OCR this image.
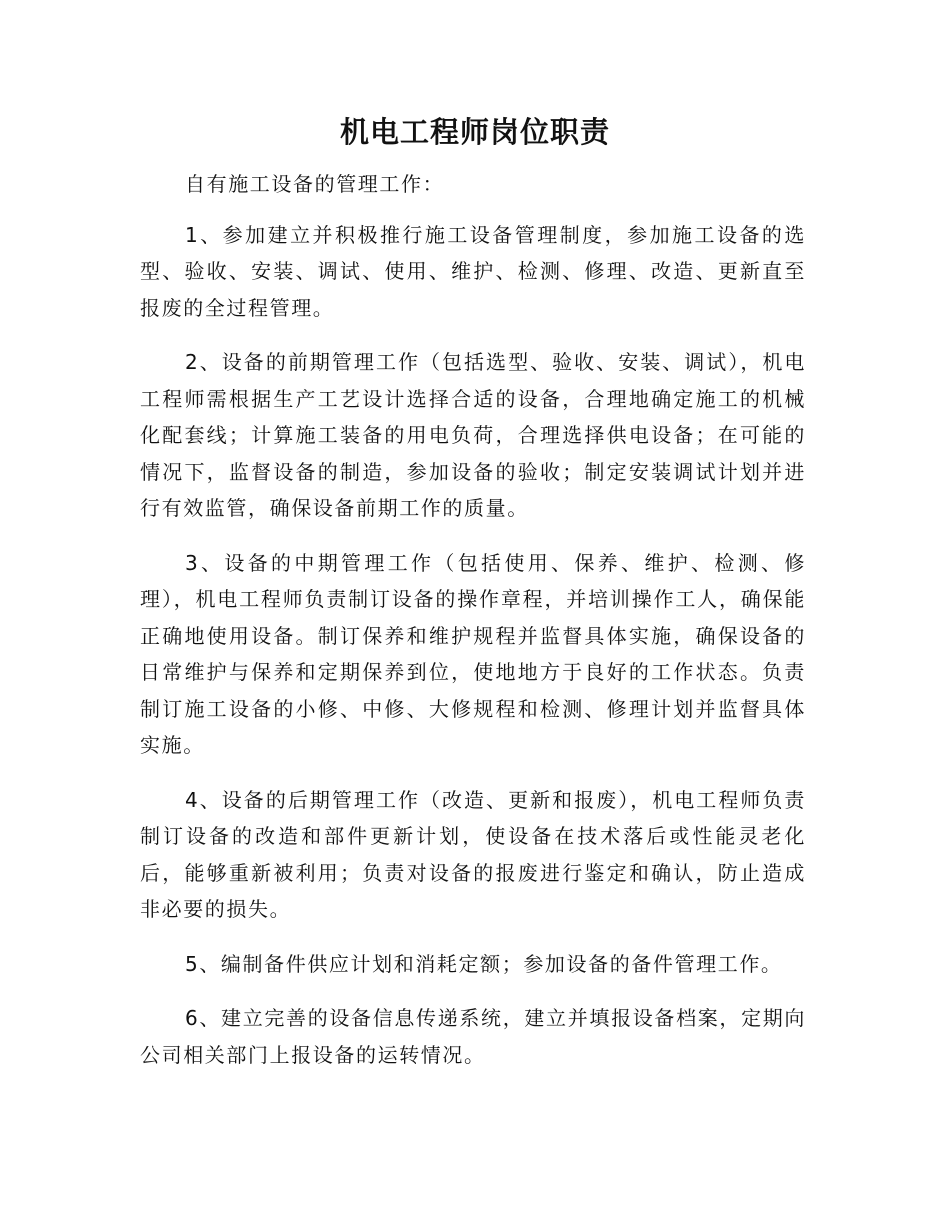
机电工程师岗位职责

自有施工设备的管理工作：

1、参加建立并积极推行施工设备管理制度，参加施工设备的选型、验收、安装、调试、使用、维护、检测、修理、改造、更新直至报废的全过程管理。

2、设备的前期管理工作（包括选型、验收、安装、调试），机电工程师需根据生产工艺设计选择合适的设备，合理地确定施工的机械化配套线；计算施工装备的用电负荷，合理选择供电设备；在可能的情况下，监督设备的制造，参加设备的验收；制定安装调试计划并进行有效监管，确保设备前期工作的质量。

3、设备的中期管理工作（包括使用、保养、维护、检测、修理），机电工程师负责制订设备的操作章程，并培训操作工人，确保能正确地使用设备。制订保养和维护规程并监督具体实施，确保设备的日常维护与保养和定期保养到位，使地地方于良好的工作状态。负责制订施工设备的小修、中修、大修规程和检测、修理计划并监督具体实施。

4、设备的后期管理工作（改造、更新和报废），机电工程师负责制订设备的改造和部件更新计划，使设备在技术落后或性能灵老化后，能够重新被利用；负责对设备的报废进行鉴定和确认，防止造成非必要的损失。

5、编制备件供应计划和消耗定额；参加设备的备件管理工作。

6、建立完善的设备信息传递系统，建立并填报设备档案，定期向公司相关部门上报设备的运转情况。
